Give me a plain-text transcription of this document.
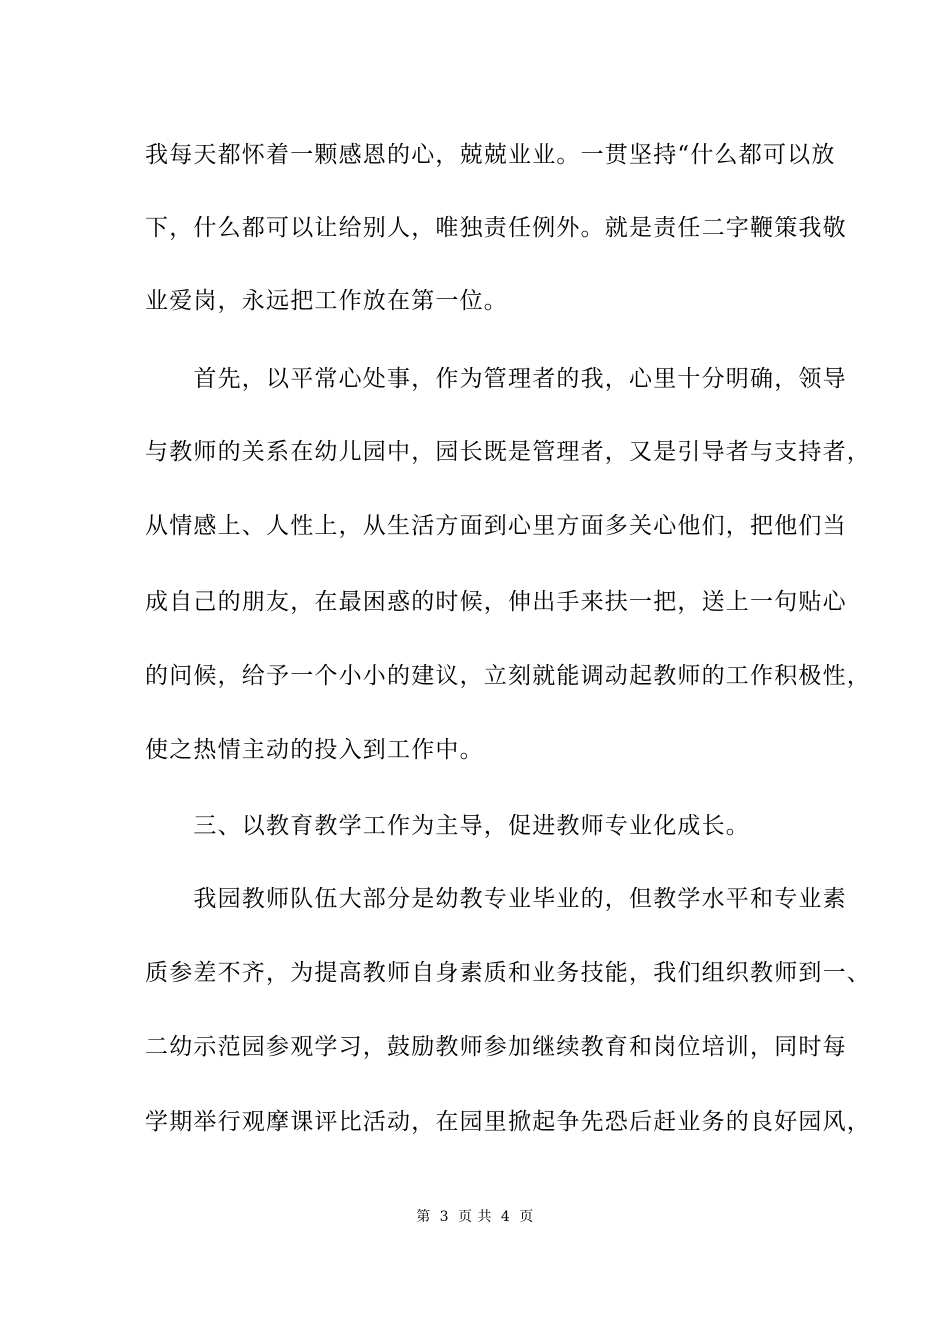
我每天都怀着一颗感恩的心，兢兢业业。一贯坚持“什么都可以放
下，什么都可以让给别人，唯独责任例外。就是责任二字鞭策我敬
业爱岗，永远把工作放在第一位。
　　首先，以平常心处事，作为管理者的我，心里十分明确，领导
与教师的关系在幼儿园中，园长既是管理者，又是引导者与支持者，
从情感上、人性上，从生活方面到心里方面多关心他们，把他们当
成自己的朋友，在最困惑的时候，伸出手来扶一把，送上一句贴心
的问候，给予一个小小的建议，立刻就能调动起教师的工作积极性，
使之热情主动的投入到工作中。
　　三、以教育教学工作为主导，促进教师专业化成长。
　　我园教师队伍大部分是幼教专业毕业的，但教学水平和专业素
质参差不齐，为提高教师自身素质和业务技能，我们组织教师到一、
二幼示范园参观学习，鼓励教师参加继续教育和岗位培训，同时每
学期举行观摩课评比活动，在园里掀起争先恐后赶业务的良好园风，
第 3 页 共 4 页
